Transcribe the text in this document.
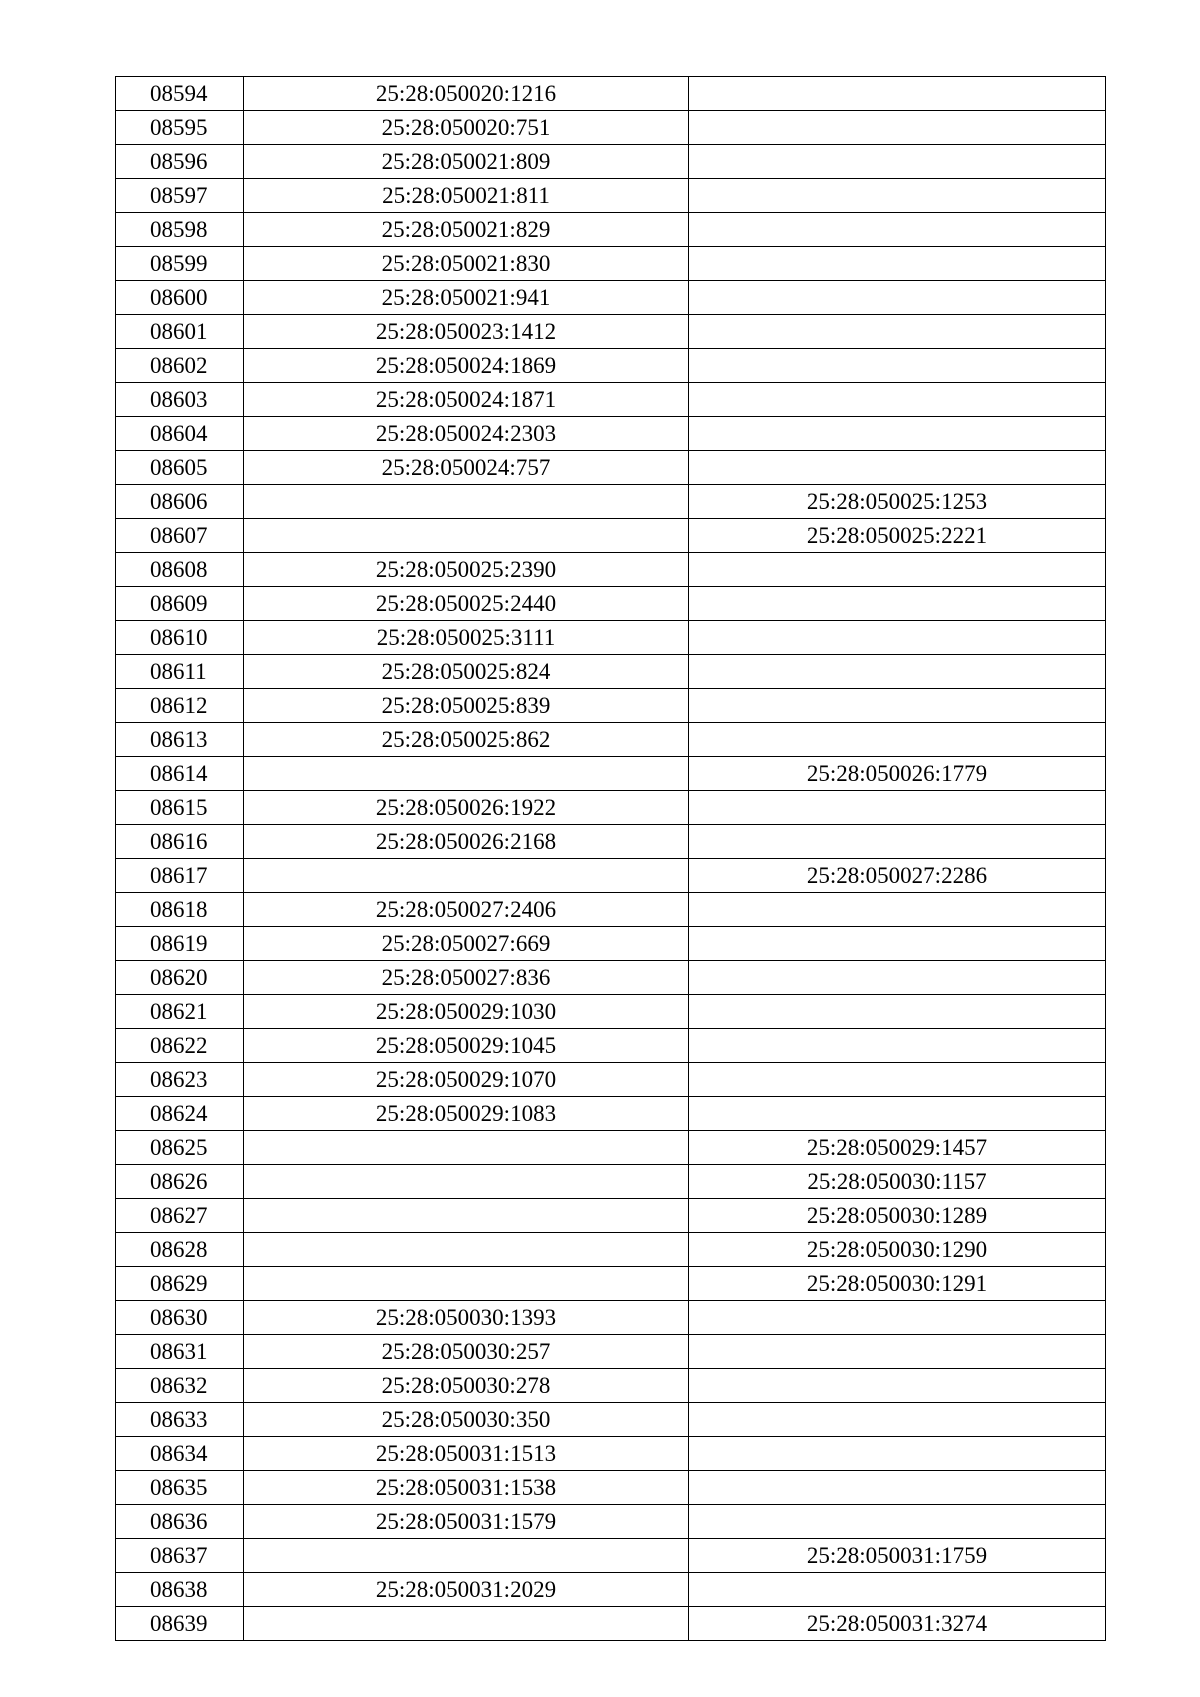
08594	25:28:050020:1216	
08595	25:28:050020:751	
08596	25:28:050021:809	
08597	25:28:050021:811	
08598	25:28:050021:829	
08599	25:28:050021:830	
08600	25:28:050021:941	
08601	25:28:050023:1412	
08602	25:28:050024:1869	
08603	25:28:050024:1871	
08604	25:28:050024:2303	
08605	25:28:050024:757	
08606		25:28:050025:1253
08607		25:28:050025:2221
08608	25:28:050025:2390	
08609	25:28:050025:2440	
08610	25:28:050025:3111	
08611	25:28:050025:824	
08612	25:28:050025:839	
08613	25:28:050025:862	
08614		25:28:050026:1779
08615	25:28:050026:1922	
08616	25:28:050026:2168	
08617		25:28:050027:2286
08618	25:28:050027:2406	
08619	25:28:050027:669	
08620	25:28:050027:836	
08621	25:28:050029:1030	
08622	25:28:050029:1045	
08623	25:28:050029:1070	
08624	25:28:050029:1083	
08625		25:28:050029:1457
08626		25:28:050030:1157
08627		25:28:050030:1289
08628		25:28:050030:1290
08629		25:28:050030:1291
08630	25:28:050030:1393	
08631	25:28:050030:257	
08632	25:28:050030:278	
08633	25:28:050030:350	
08634	25:28:050031:1513	
08635	25:28:050031:1538	
08636	25:28:050031:1579	
08637		25:28:050031:1759
08638	25:28:050031:2029	
08639		25:28:050031:3274
